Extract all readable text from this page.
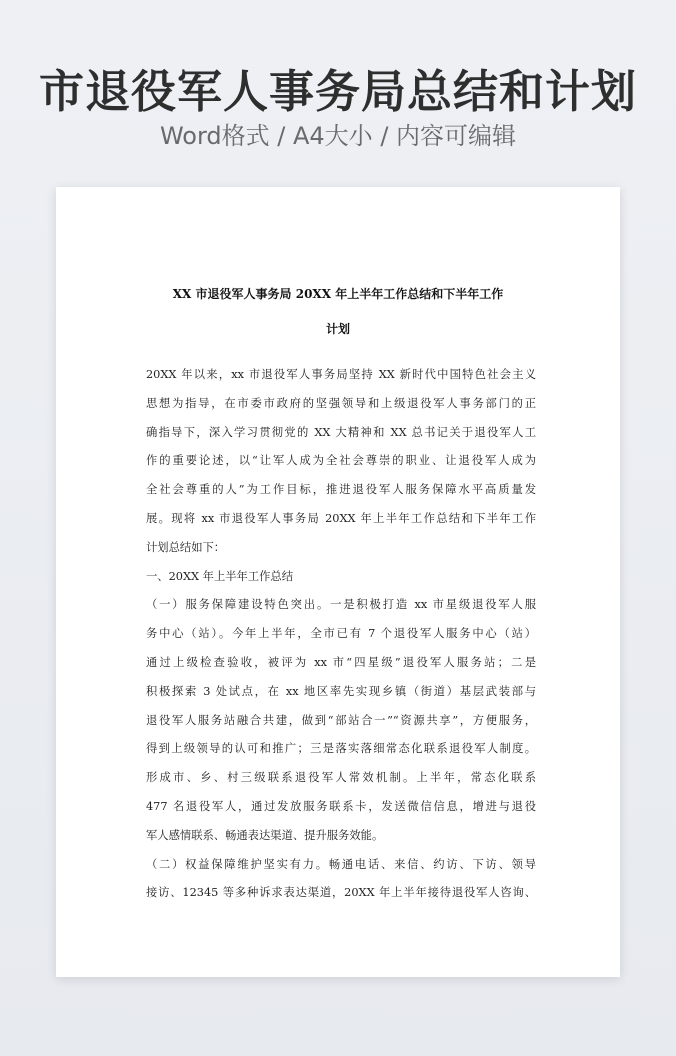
市退役军人事务局总结和计划
Word格式 / A4大小 / 内容可编辑
XX 市退役军人事务局 20XX 年上半年工作总结和下半年工作
计划
20XX 年以来，xx 市退役军人事务局坚持 XX 新时代中国特色社会主义
思想为指导，在市委市政府的坚强领导和上级退役军人事务部门的正
确指导下，深入学习贯彻党的 XX 大精神和 XX 总书记关于退役军人工
作的重要论述，以“让军人成为全社会尊崇的职业、让退役军人成为
全社会尊重的人”为工作目标，推进退役军人服务保障水平高质量发
展。现将 xx 市退役军人事务局 20XX 年上半年工作总结和下半年工作
计划总结如下：
一、20XX 年上半年工作总结
（一）服务保障建设特色突出。一是积极打造 xx 市星级退役军人服
务中心（站）。今年上半年，全市已有 7 个退役军人服务中心（站）
通过上级检查验收，被评为 xx 市“四星级”退役军人服务站；二是
积极探索 3 处试点，在 xx 地区率先实现乡镇（街道）基层武装部与
退役军人服务站融合共建，做到“部站合一”“资源共享”，方便服务，
得到上级领导的认可和推广；三是落实落细常态化联系退役军人制度。
形成市、乡、村三级联系退役军人常效机制。上半年，常态化联系
477 名退役军人，通过发放服务联系卡，发送微信信息，增进与退役
军人感情联系、畅通表达渠道、提升服务效能。
（二）权益保障维护坚实有力。畅通电话、来信、约访、下访、领导
接访、12345 等多种诉求表达渠道，20XX 年上半年接待退役军人咨询、
